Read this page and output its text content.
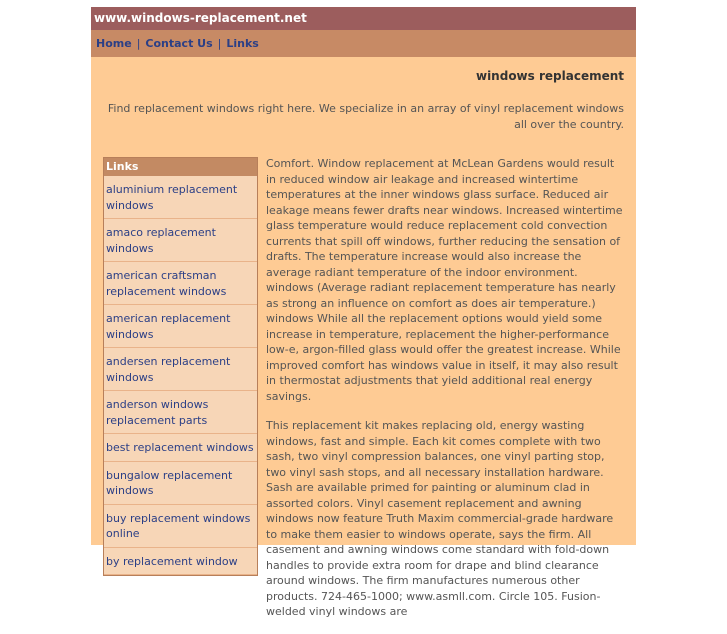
www.windows-replacement.net
Home | Contact Us | Links
windows replacement
Find replacement windows right here. We specialize in an array of vinyl replacement windows all over the country.
Links
aluminium replacement windows
amaco replacement windows
american craftsman replacement windows
american replacement windows
andersen replacement windows
anderson windows replacement parts
best replacement windows
bungalow replacement windows
buy replacement windows online
by replacement window

Comfort. Window replacement at McLean Gardens would result in reduced window air leakage and increased wintertime temperatures at the inner windows glass surface. Reduced air leakage means fewer drafts near windows. Increased wintertime glass temperature would reduce replacement cold convection currents that spill off windows, further reducing the sensation of drafts. The temperature increase would also increase the average radiant temperature of the indoor environment. windows (Average radiant replacement temperature has nearly as strong an influence on comfort as does air temperature.) windows While all the replacement options would yield some increase in temperature, replacement the higher-performance low-e, argon-filled glass would offer the greatest increase. While improved comfort has windows value in itself, it may also result in thermostat adjustments that yield additional real energy savings.

This replacement kit makes replacing old, energy wasting windows, fast and simple. Each kit comes complete with two sash, two vinyl compression balances, one vinyl parting stop, two vinyl sash stops, and all necessary installation hardware. Sash are available primed for painting or aluminum clad in assorted colors. Vinyl casement replacement and awning windows now feature Truth Maxim commercial-grade hardware to make them easier to windows operate, says the firm. All casement and awning windows come standard with fold-down handles to provide extra room for drape and blind clearance around windows. The firm manufactures numerous other products. 724-465-1000; www.asmll.com. Circle 105. Fusion-welded vinyl windows are
